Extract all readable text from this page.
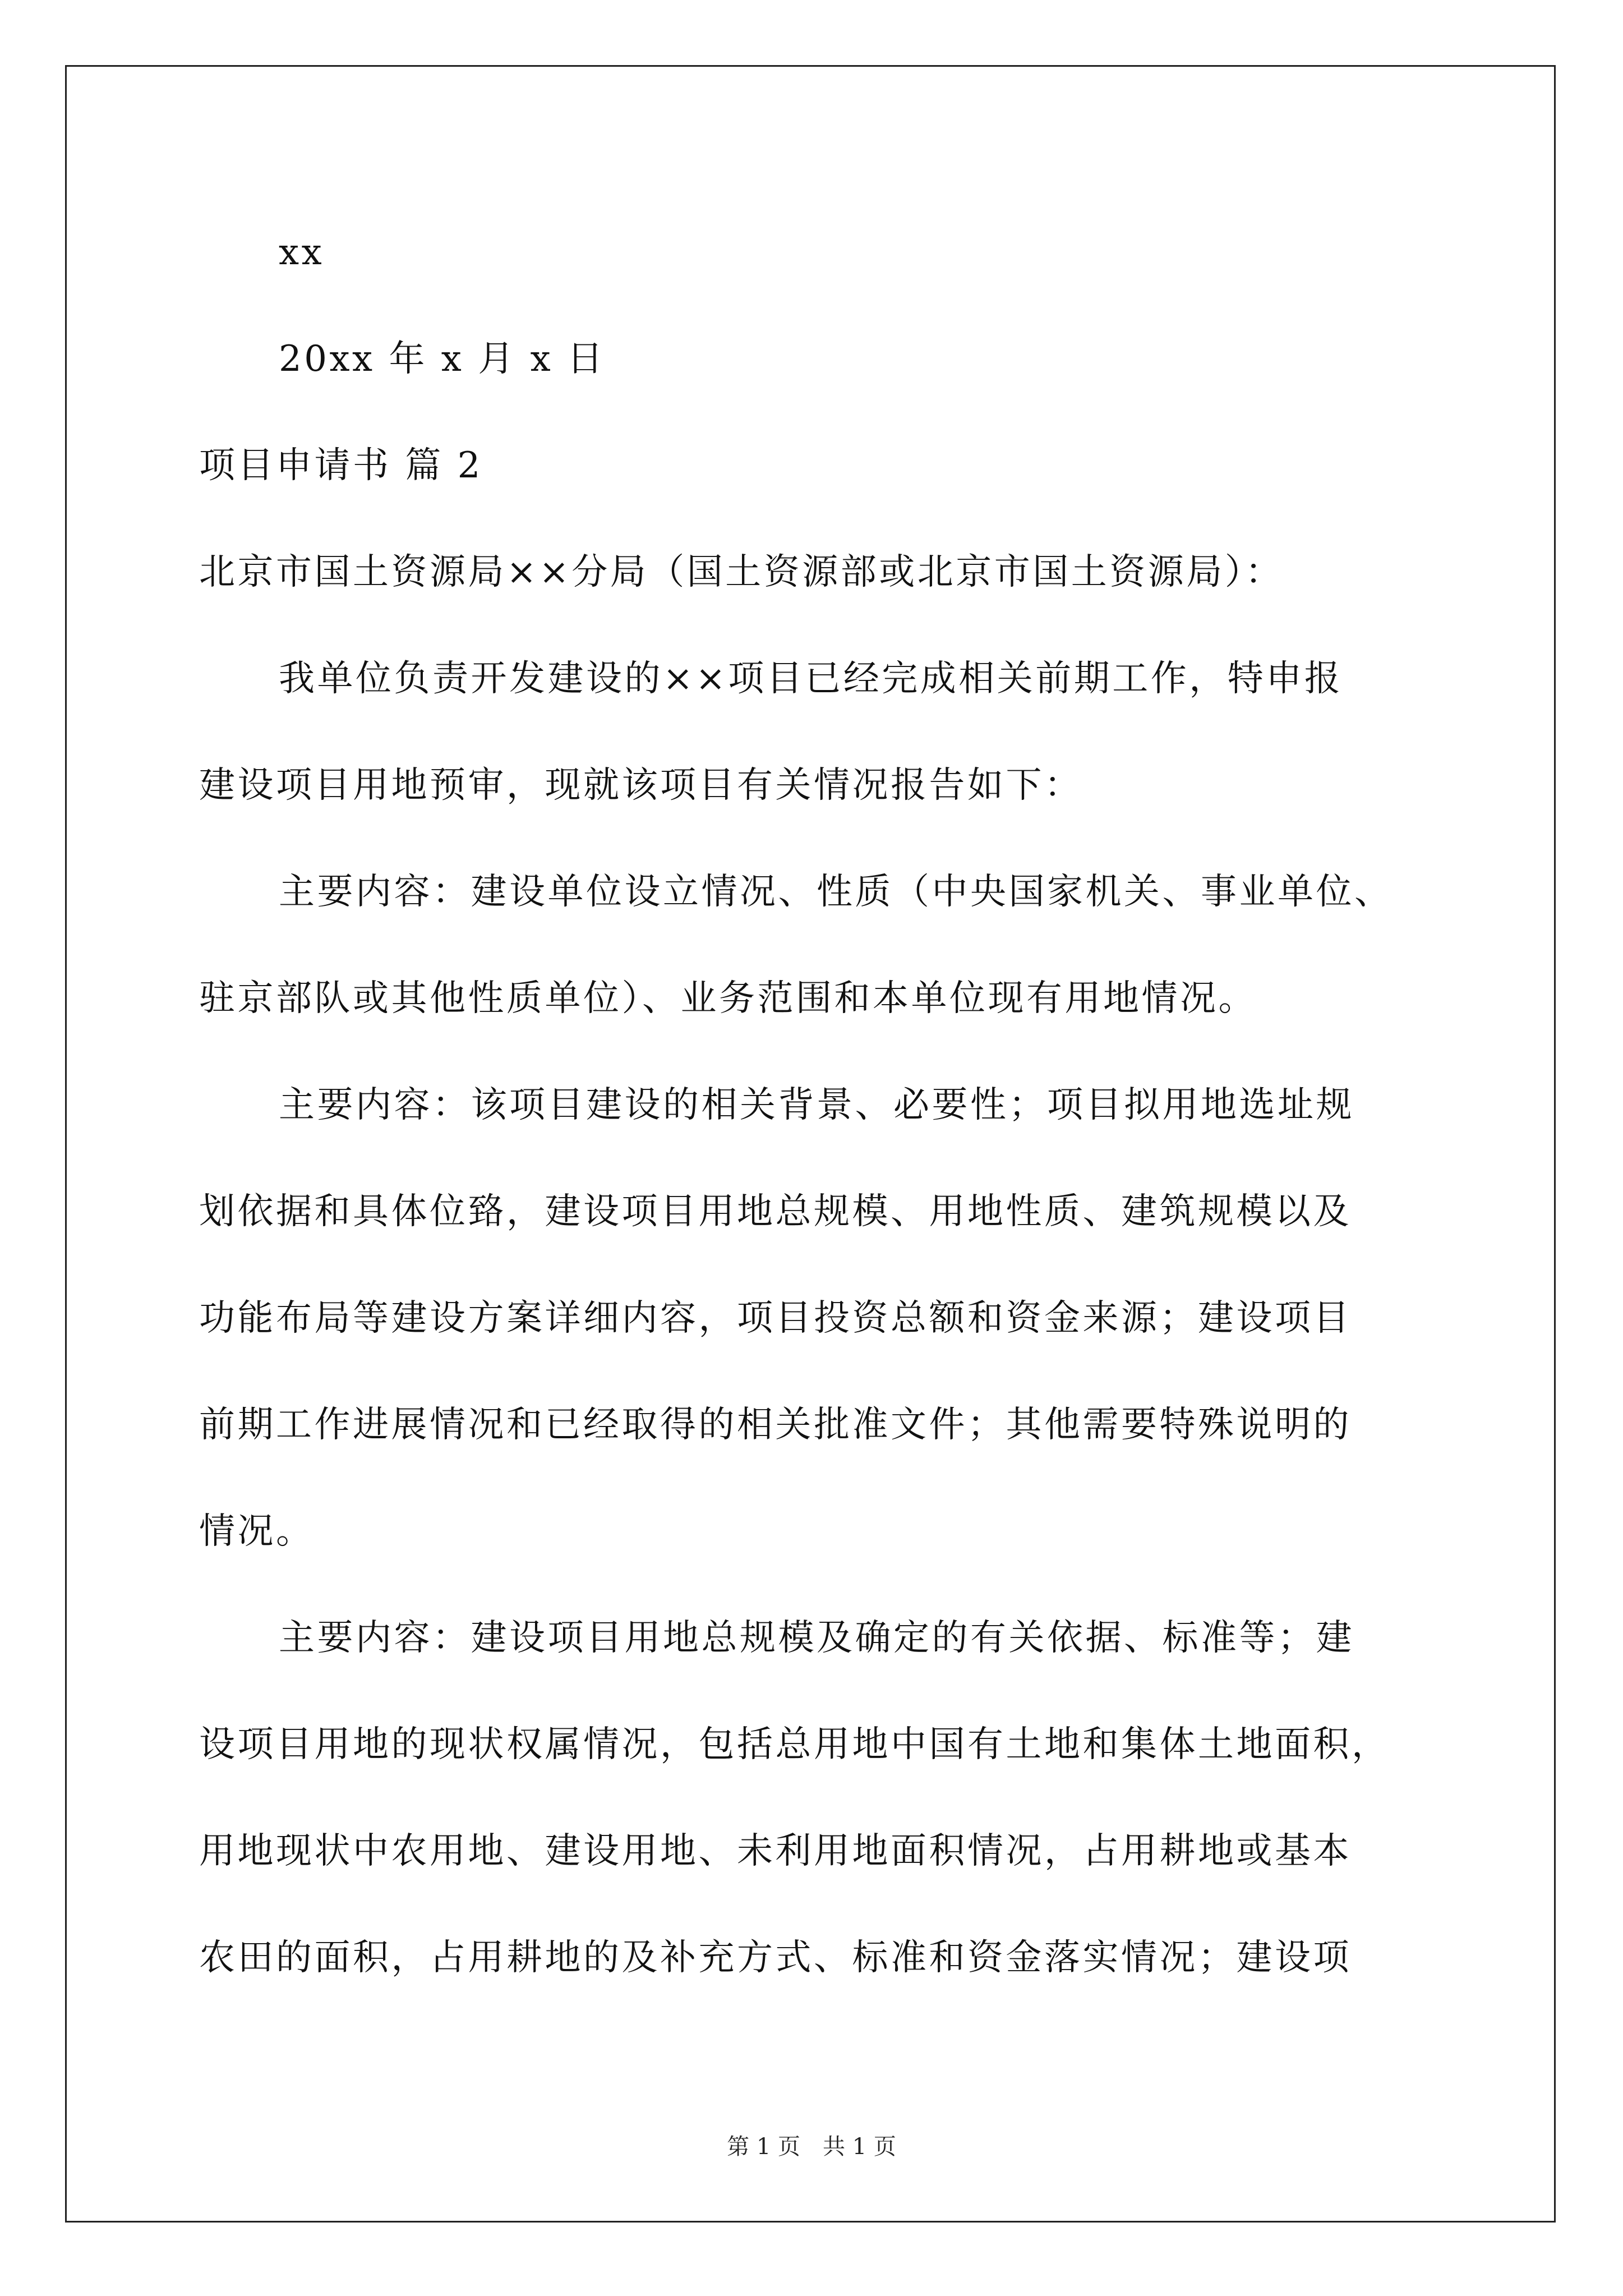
xx
20xx 年 x 月 x 日
项目申请书 篇 2
北京市国土资源局××分局（国土资源部或北京市国土资源局）：
我单位负责开发建设的××项目已经完成相关前期工作，特申报
建设项目用地预审，现就该项目有关情况报告如下：
主要内容：建设单位设立情况、性质（中央国家机关、事业单位、
驻京部队或其他性质单位）、业务范围和本单位现有用地情况。
主要内容：该项目建设的相关背景、必要性；项目拟用地选址规
划依据和具体位臵，建设项目用地总规模、用地性质、建筑规模以及
功能布局等建设方案详细内容，项目投资总额和资金来源；建设项目
前期工作进展情况和已经取得的相关批准文件；其他需要特殊说明的
情况。
主要内容：建设项目用地总规模及确定的有关依据、标准等；建
设项目用地的现状权属情况，包括总用地中国有土地和集体土地面积，
用地现状中农用地、建设用地、未利用地面积情况，占用耕地或基本
农田的面积，占用耕地的及补充方式、标准和资金落实情况；建设项
第 1 页　共 1 页
